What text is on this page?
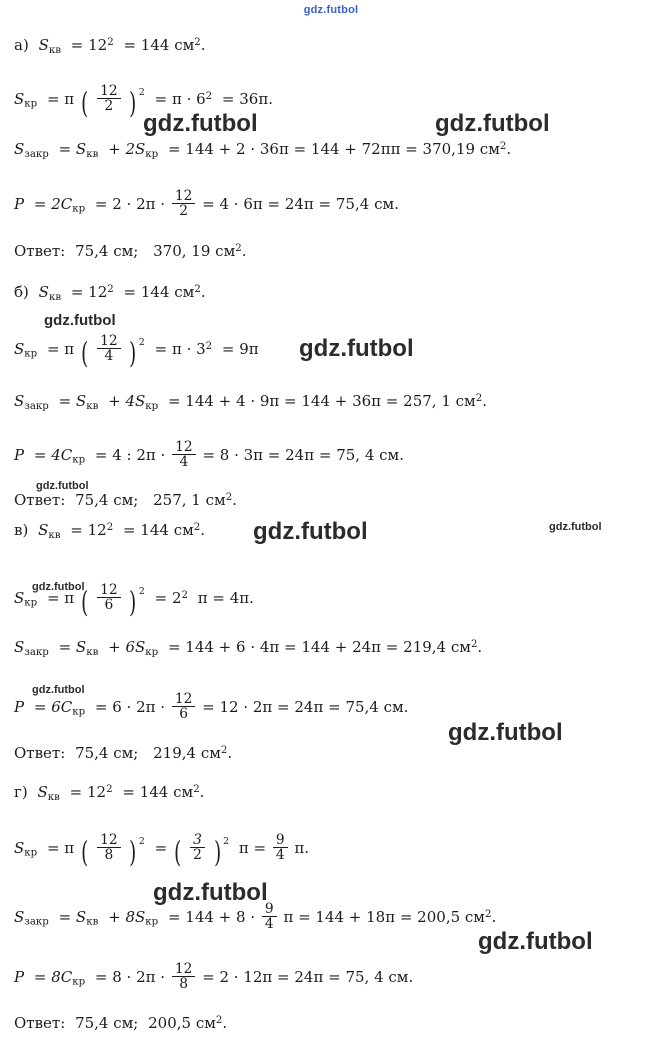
gdz.futbol
а) $S_{кв} = 12^2 = 144$ $см^2$.
$S_{кр} = \pi$ ( $\frac{12}{2}$ ) $^2 = \pi \cdot 6^2 = 36\pi$.
$S_{закр} = S_{кв} + 2S_{кр} = 144 + 2 \cdot 36\pi = 144 + 72\pi\pi = 370,19$ $см^2$.
$P = 2C_{кр} = 2 \cdot 2\pi \cdot \frac{12}{2} = 4 \cdot 6\pi = 24\pi = 75,4$ см.
Ответ: 75,4 см; 370, 19 $см^2$.
б) $S_{кв} = 12^2 = 144$ $см^2$.
$S_{кр} = \pi$ ( $\frac{12}{4}$ ) $^2 = \pi \cdot 3^2 = 9\pi$
$S_{закр} = S_{кв} + 4S_{кр} = 144 + 4 \cdot 9\pi = 144 + 36\pi = 257$, 1 $см^2$.
$P = 4C_{кр} = 4$ : $2\pi \cdot \frac{12}{4} = 8 \cdot 3\pi = 24\pi = 75$, 4 см.
Ответ: 75,4 см; 257, 1 $см^2$.
в) $S_{кв} = 12^2 = 144$ $см^2$.
$S_{кр} = \pi$ ( $\frac{12}{6}$ ) $^2 = 2^2$ π = 4π.
$S_{закр} = S_{кв} + 6S_{кр} = 144 + 6 \cdot 4\pi = 144 + 24\pi = 219,4$ $см^2$.
$P = 6C_{кр} = 6 \cdot 2\pi \cdot \frac{12}{6} = 12 \cdot 2\pi = 24\pi = 75,4$ см.
Ответ: 75,4 см; 219,4 $см^2$.
г) $S_{кв} = 12^2 = 144$ $см^2$.
$S_{кр} = \pi$ ( $\frac{12}{8}$ ) $^2$ = ( $\frac{3}{2}$ ) $^2$ $\pi = \frac{9}{4} \pi$.
$S_{закр} = S_{кв} + 8S_{кр} = 144 + 8 \cdot \frac{9}{4}$ π = 144 + 18π = 200,5 $см^2$.
$P = 8C_{кр} = 8 \cdot 2\pi \cdot \frac{12}{8} = 2 \cdot 12\pi = 24\pi = 75$, 4 см.
Ответ: 75,4 см; 200,5 $см^2$.
gdz.futbol	gdz.futbol
gdz.futbol
gdz.futbol
gdz.futbol
gdz.futbol	gdz.futbol
gdz.futbol
gdz.futbol
gdz.futbol
gdz.futbol
gdz.futbol
